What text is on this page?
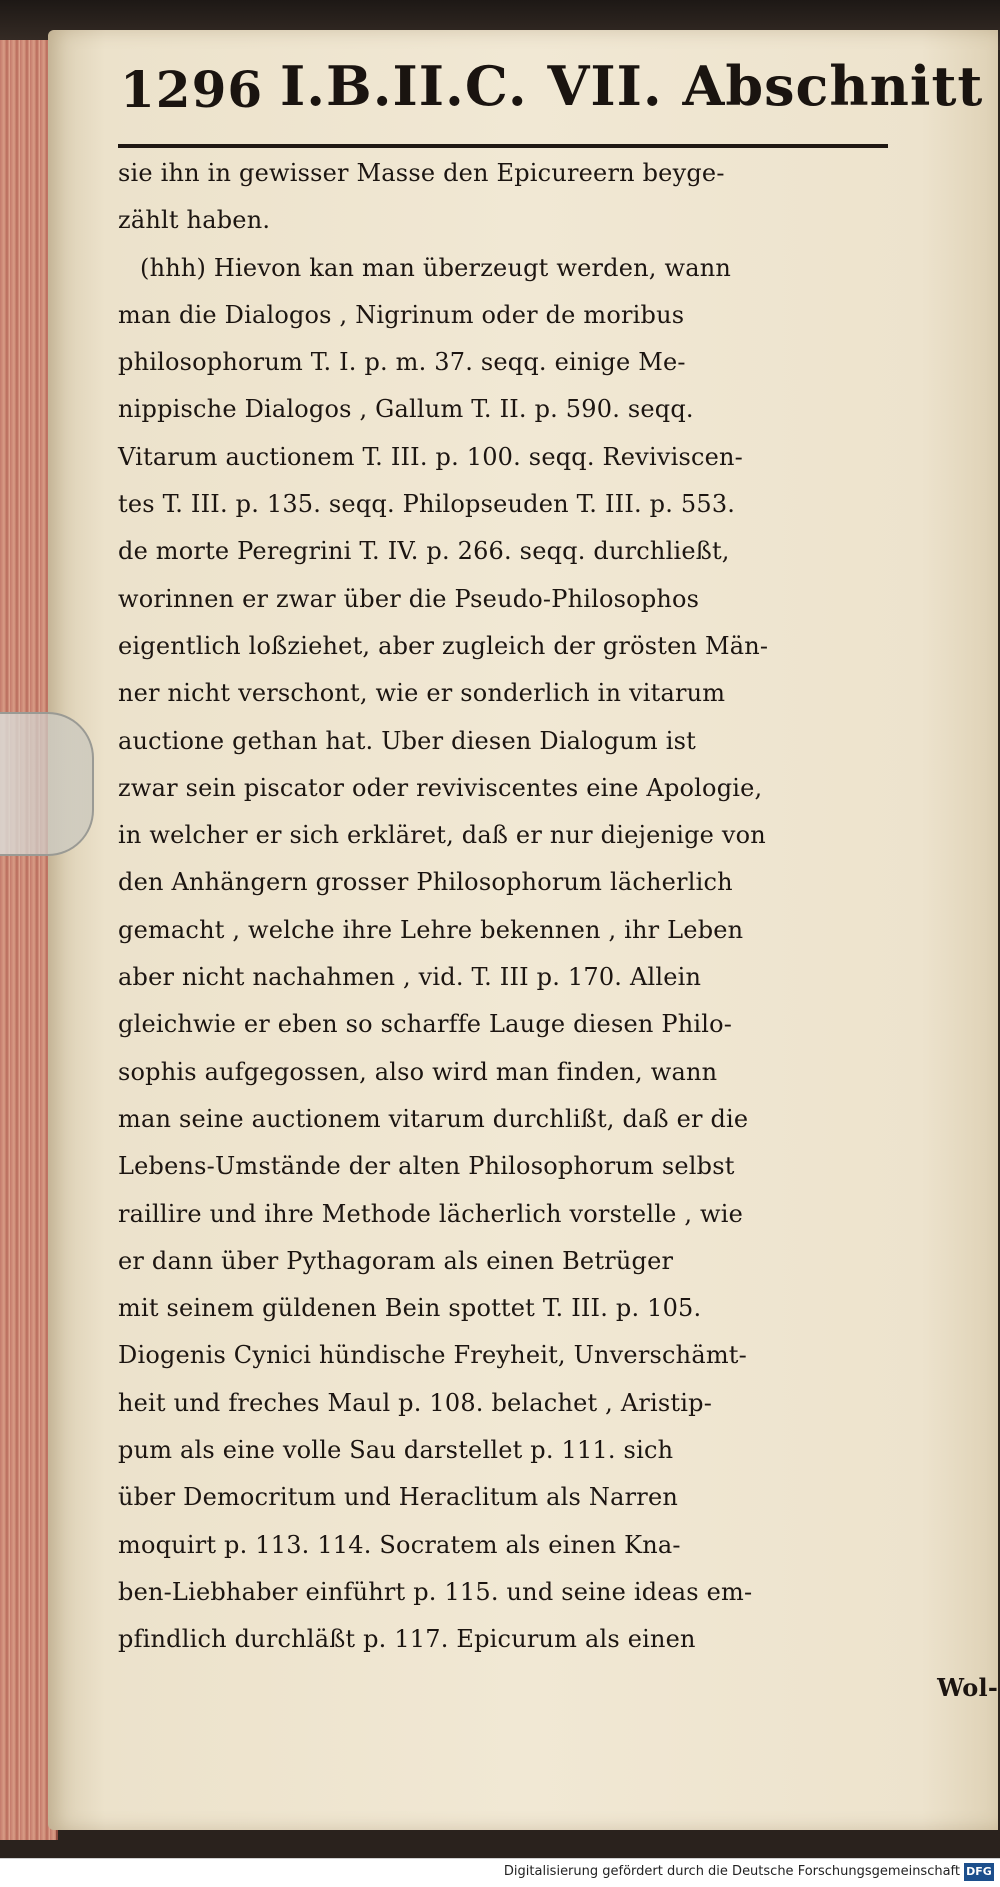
1296 I.B.II.C. VII. Abschnitt
sie ihn in gewisser Masse den Epicureern beyge-
zählt haben.
(hhh) Hievon kan man überzeugt werden, wann
man die Dialogos , Nigrinum oder de moribus
philosophorum T. I. p. m. 37. seqq. einige Me-
nippische Dialogos , Gallum T. II. p. 590. seqq.
Vitarum auctionem T. III. p. 100. seqq. Reviviscen-
tes T. III. p. 135. seqq. Philopseuden T. III. p. 553.
de morte Peregrini T. IV. p. 266. seqq. durchließt,
worinnen er zwar über die Pseudo-Philosophos
eigentlich loßziehet, aber zugleich der grösten Män-
ner nicht verschont, wie er sonderlich in vitarum
auctione gethan hat. Uber diesen Dialogum ist
zwar sein piscator oder reviviscentes eine Apologie,
in welcher er sich erkläret, daß er nur diejenige von
den Anhängern grosser Philosophorum lächerlich
gemacht , welche ihre Lehre bekennen , ihr Leben
aber nicht nachahmen , vid. T. III p. 170. Allein
gleichwie er eben so scharffe Lauge diesen Philo-
sophis aufgegossen, also wird man finden, wann
man seine auctionem vitarum durchlißt, daß er die
Lebens-Umstände der alten Philosophorum selbst
raillire und ihre Methode lächerlich vorstelle , wie
er dann über Pythagoram als einen Betrüger
mit seinem güldenen Bein spottet T. III. p. 105.
Diogenis Cynici hündische Freyheit, Unverschämt-
heit und freches Maul p. 108. belachet , Aristip-
pum als eine volle Sau darstellet p. 111. sich
über Democritum und Heraclitum als Narren
moquirt p. 113. 114. Socratem als einen Kna-
ben-Liebhaber einführt p. 115. und seine ideas em-
pfindlich durchläßt p. 117. Epicurum als einen
Wol-
Digitalisierung gefördert durch die Deutsche Forschungsgemeinschaft DFG
